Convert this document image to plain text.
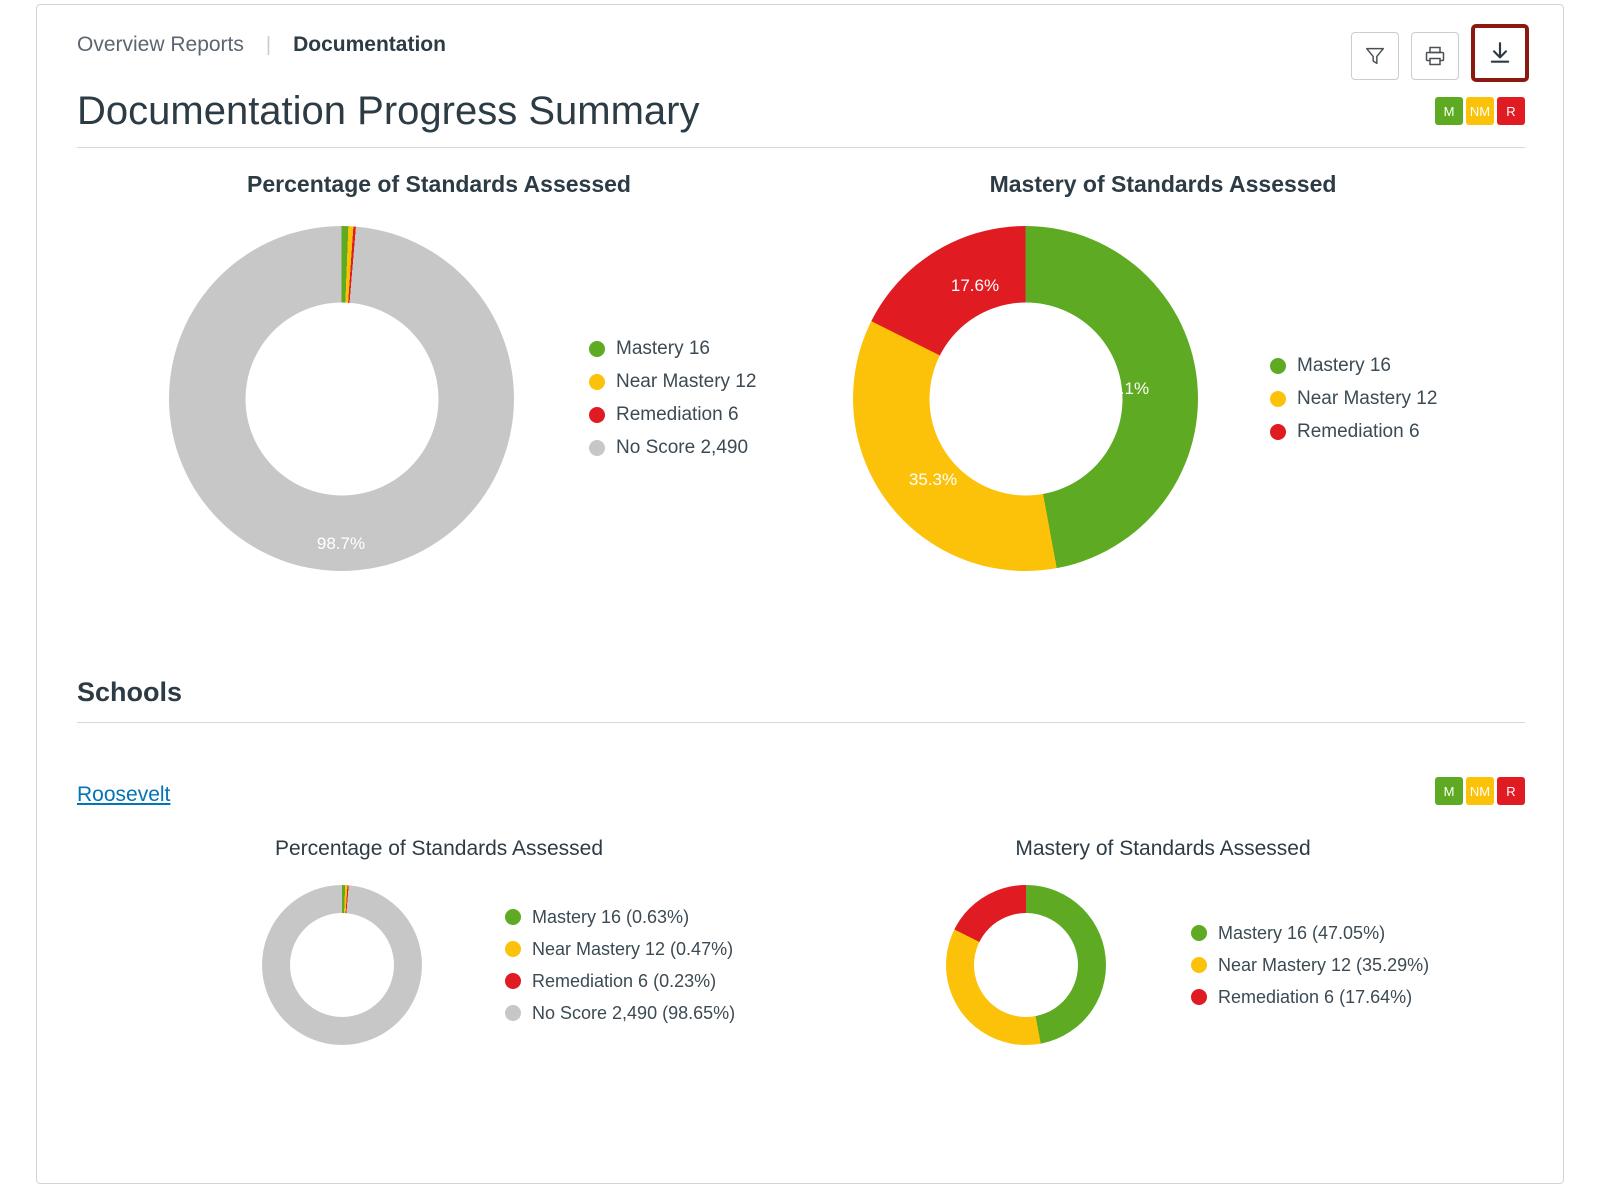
Overview Reports | Documentation
Documentation Progress Summary	M	NM	R
Percentage of Standards Assessed
98.7%
Mastery 16
Near Mastery 12
Remediation 6
No Score 2,490
Mastery of Standards Assessed
47.1%
35.3%
17.6%
Mastery 16
Near Mastery 12
Remediation 6
Schools
Roosevelt	M	NM	R
Percentage of Standards Assessed
Mastery 16 (0.63%)
Near Mastery 12 (0.47%)
Remediation 6 (0.23%)
No Score 2,490 (98.65%)
Mastery of Standards Assessed
Mastery 16 (47.05%)
Near Mastery 12 (35.29%)
Remediation 6 (17.64%)
